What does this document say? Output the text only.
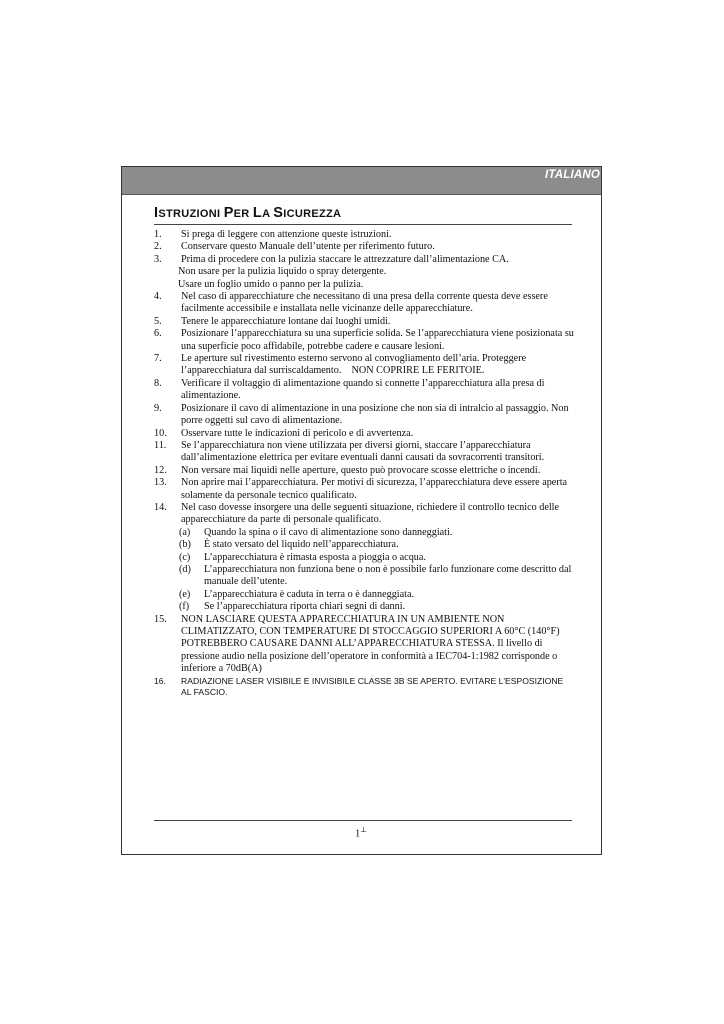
ITALIANO
ISTRUZIONI PER LA SICUREZZA
1. Si prega di leggere con attenzione queste istruzioni.
2. Conservare questo Manuale dell’utente per riferimento futuro.
3. Prima di procedere con la pulizia staccare le attrezzature dall’alimentazione CA.
Non usare per la pulizia liquido o spray detergente.
Usare un foglio umido o panno per la pulizia.
4. Nel caso di apparecchiature che necessitano di una presa della corrente questa deve essere facilmente accessibile e installata nelle vicinanze delle apparecchiature.
5. Tenere le apparecchiature lontane dai luoghi umidi.
6. Posizionare l’apparecchiatura su una superficie solida. Se l’apparecchiatura viene posizionata su una superficie poco affidabile, potrebbe cadere e causare lesioni.
7. Le aperture sul rivestimento esterno servono al convogliamento dell’aria. Proteggere l’apparecchiatura dal surriscaldamento.    NON COPRIRE LE FERITOIE.
8. Verificare il voltaggio di alimentazione quando si connette l’apparecchiatura alla presa di alimentazione.
9. Posizionare il cavo di alimentazione in una posizione che non sia di intralcio al passaggio. Non porre oggetti sul cavo di alimentazione.
10. Osservare tutte le indicazioni di pericolo e di avvertenza.
11. Se l’apparecchiatura non viene utilizzata per diversi giorni, staccare l’apparecchiatura dall’alimentazione elettrica per evitare eventuali danni causati da sovracorrenti transitori.
12. Non versare mai liquidi nelle aperture, questo può provocare scosse elettriche o incendi.
13. Non aprire mai l’apparecchiatura. Per motivi di sicurezza, l’apparecchiatura deve essere aperta solamente da personale tecnico qualificato.
14. Nel caso dovesse insorgere una delle seguenti situazione, richiedere il controllo tecnico delle apparecchiature da parte di personale qualificato.
(a) Quando la spina o il cavo di alimentazione sono danneggiati.
(b) È stato versato del liquido nell’apparecchiatura.
(c) L’apparecchiatura è rimasta esposta a pioggia o acqua.
(d) L’apparecchiatura non funziona bene o non è possibile farlo funzionare come descritto dal manuale dell’utente.
(e) L’apparecchiatura è caduta in terra o è danneggiata.
(f) Se l’apparecchiatura riporta chiari segni di danni.
15. NON LASCIARE QUESTA APPARECCHIATURA IN UN AMBIENTE NON CLIMATIZZATO, CON TEMPERATURE DI STOCCAGGIO SUPERIORI A 60°C (140°F) POTREBBERO CAUSARE DANNI ALL’APPARECCHIATURA STESSA. Il livello di pressione audio nella posizione dell’operatore in conformità a IEC704-1:1982 corrisponde o inferiore a 70dB(A)
16. RADIAZIONE LASER VISIBILE E INVISIBILE CLASSE 3B SE APERTO. EVITARE L'ESPOSIZIONE AL FASCIO.
1⊥
